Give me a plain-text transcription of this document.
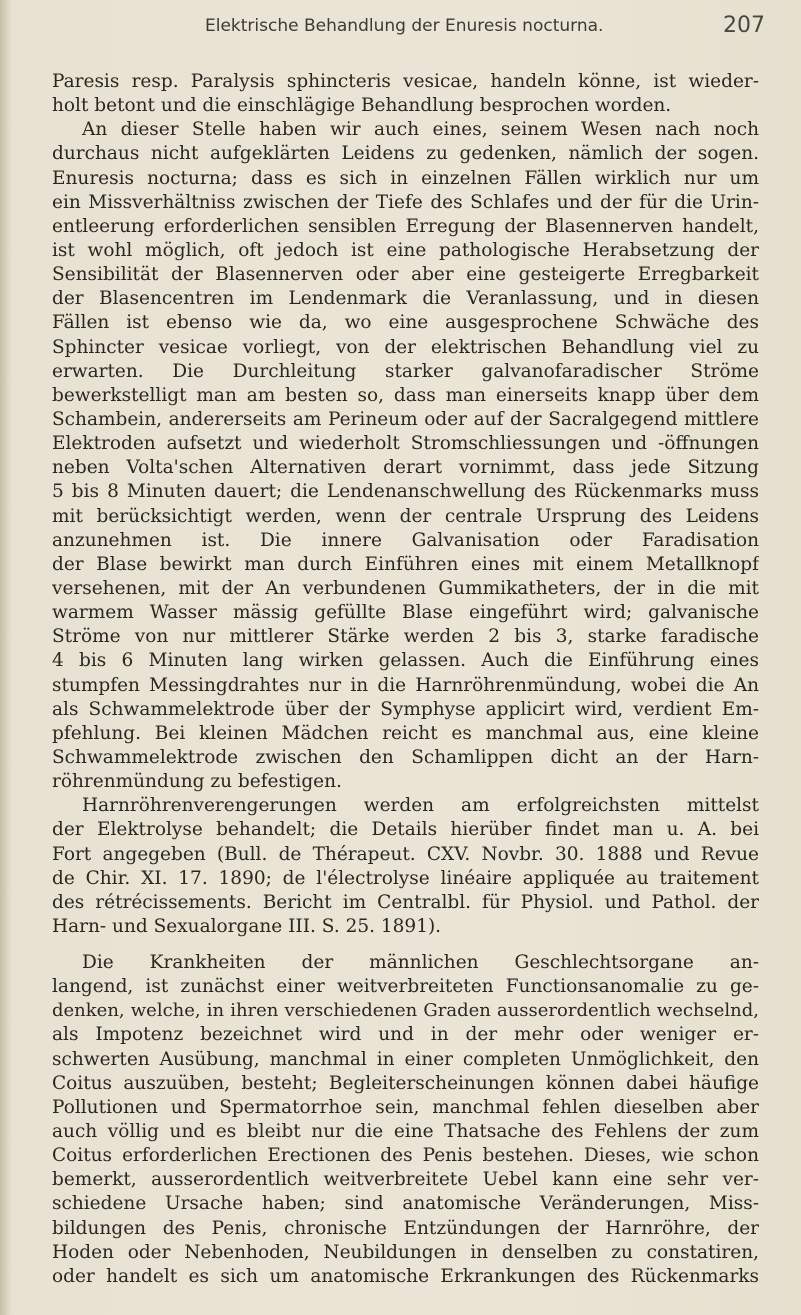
Elektrische Behandlung der Enuresis nocturna.	207
Paresis resp. Paralysis sphincteris vesicae, handeln könne, ist wieder-
holt betont und die einschlägige Behandlung besprochen worden.
An dieser Stelle haben wir auch eines, seinem Wesen nach noch
durchaus nicht aufgeklärten Leidens zu gedenken, nämlich der sogen.
Enuresis nocturna; dass es sich in einzelnen Fällen wirklich nur um
ein Missverhältniss zwischen der Tiefe des Schlafes und der für die Urin-
entleerung erforderlichen sensiblen Erregung der Blasennerven handelt,
ist wohl möglich, oft jedoch ist eine pathologische Herabsetzung der
Sensibilität der Blasennerven oder aber eine gesteigerte Erregbarkeit
der Blasencentren im Lendenmark die Veranlassung, und in diesen
Fällen ist ebenso wie da, wo eine ausgesprochene Schwäche des
Sphincter vesicae vorliegt, von der elektrischen Behandlung viel zu
erwarten. Die Durchleitung starker galvanofaradischer Ströme
bewerkstelligt man am besten so, dass man einerseits knapp über dem
Schambein, andererseits am Perineum oder auf der Sacralgegend mittlere
Elektroden aufsetzt und wiederholt Stromschliessungen und -öffnungen
neben Volta'schen Alternativen derart vornimmt, dass jede Sitzung
5 bis 8 Minuten dauert; die Lendenanschwellung des Rückenmarks muss
mit berücksichtigt werden, wenn der centrale Ursprung des Leidens
anzunehmen ist. Die innere Galvanisation oder Faradisation
der Blase bewirkt man durch Einführen eines mit einem Metallknopf
versehenen, mit der An verbundenen Gummikatheters, der in die mit
warmem Wasser mässig gefüllte Blase eingeführt wird; galvanische
Ströme von nur mittlerer Stärke werden 2 bis 3, starke faradische
4 bis 6 Minuten lang wirken gelassen. Auch die Einführung eines
stumpfen Messingdrahtes nur in die Harnröhrenmündung, wobei die An
als Schwammelektrode über der Symphyse applicirt wird, verdient Em-
pfehlung. Bei kleinen Mädchen reicht es manchmal aus, eine kleine
Schwammelektrode zwischen den Schamlippen dicht an der Harn-
röhrenmündung zu befestigen.
Harnröhrenverengerungen werden am erfolgreichsten mittelst
der Elektrolyse behandelt; die Details hierüber findet man u. A. bei
Fort angegeben (Bull. de Thérapeut. CXV. Novbr. 30. 1888 und Revue
de Chir. XI. 17. 1890; de l'électrolyse linéaire appliquée au traitement
des rétrécissements. Bericht im Centralbl. für Physiol. und Pathol. der
Harn- und Sexualorgane III. S. 25. 1891).
Die Krankheiten der männlichen Geschlechtsorgane an-
langend, ist zunächst einer weitverbreiteten Functionsanomalie zu ge-
denken, welche, in ihren verschiedenen Graden ausserordentlich wechselnd,
als Impotenz bezeichnet wird und in der mehr oder weniger er-
schwerten Ausübung, manchmal in einer completen Unmöglichkeit, den
Coitus auszuüben, besteht; Begleiterscheinungen können dabei häufige
Pollutionen und Spermatorrhoe sein, manchmal fehlen dieselben aber
auch völlig und es bleibt nur die eine Thatsache des Fehlens der zum
Coitus erforderlichen Erectionen des Penis bestehen. Dieses, wie schon
bemerkt, ausserordentlich weitverbreitete Uebel kann eine sehr ver-
schiedene Ursache haben; sind anatomische Veränderungen, Miss-
bildungen des Penis, chronische Entzündungen der Harnröhre, der
Hoden oder Nebenhoden, Neubildungen in denselben zu constatiren,
oder handelt es sich um anatomische Erkrankungen des Rückenmarks
